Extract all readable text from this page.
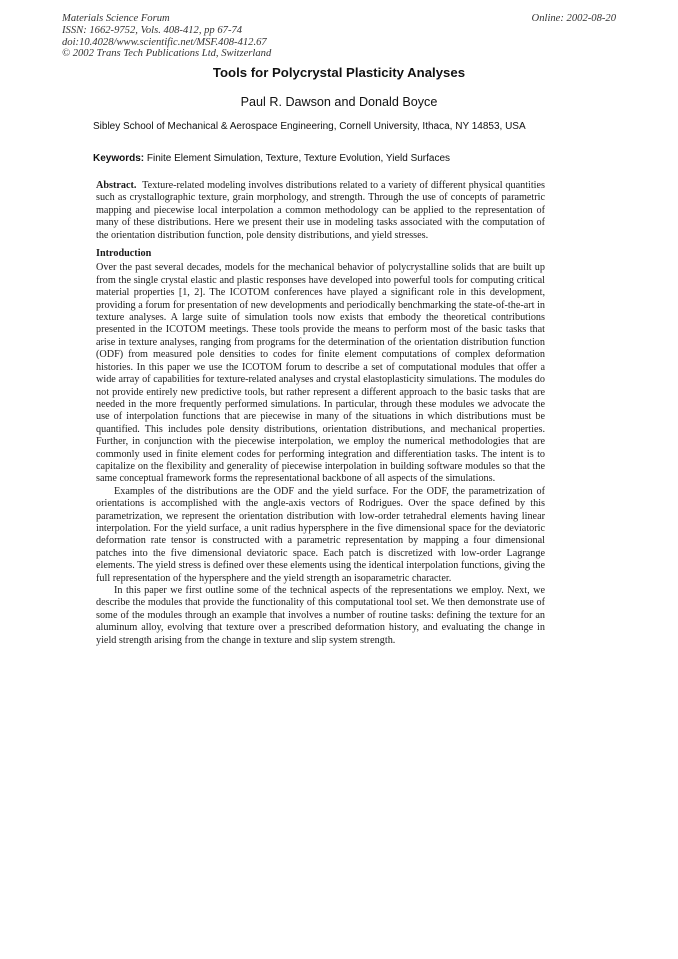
Materials Science Forum
ISSN: 1662-9752, Vols. 408-412, pp 67-74
doi:10.4028/www.scientific.net/MSF.408-412.67
© 2002 Trans Tech Publications Ltd, Switzerland
Online: 2002-08-20
Tools for Polycrystal Plasticity Analyses
Paul R. Dawson and Donald Boyce
Sibley School of Mechanical & Aerospace Engineering, Cornell University, Ithaca, NY 14853, USA
Keywords: Finite Element Simulation, Texture, Texture Evolution, Yield Surfaces

Abstract. Texture-related modeling involves distributions related to a variety of different physical quantities such as crystallographic texture, grain morphology, and strength. Through the use of concepts of parametric mapping and piecewise local interpolation a common methodology can be applied to the representation of many of these distributions. Here we present their use in modeling tasks associated with the computation of the orientation distribution function, pole density distributions, and yield stresses.

Introduction

Over the past several decades, models for the mechanical behavior of polycrystalline solids that are built up from the single crystal elastic and plastic responses have developed into powerful tools for computing critical material properties [1, 2]. The ICOTOM conferences have played a significant role in this development, providing a forum for presentation of new developments and periodically benchmarking the state-of-the-art in texture analyses. A large suite of simulation tools now exists that embody the theoretical contributions presented in the ICOTOM meetings. These tools provide the means to perform most of the basic tasks that arise in texture analyses, ranging from programs for the determination of the orientation distribution function (ODF) from measured pole densities to codes for finite element computations of complex deformation histories. In this paper we use the ICOTOM forum to describe a set of computational modules that offer a wide array of capabilities for texture-related analyses and crystal elastoplasticity simulations. The modules do not provide entirely new predictive tools, but rather represent a different approach to the basic tasks that are needed in the more frequently performed simulations. In particular, through these modules we advocate the use of interpolation functions that are piecewise in many of the situations in which distributions must be quantified. This includes pole density distributions, orientation distributions, and mechanical properties. Further, in conjunction with the piecewise interpolation, we employ the numerical methodologies that are commonly used in finite element codes for performing integration and differentiation tasks. The intent is to capitalize on the flexibility and generality of piecewise interpolation in building software modules so that the same conceptual framework forms the representational backbone of all aspects of the simulations.

Examples of the distributions are the ODF and the yield surface. For the ODF, the parametrization of orientations is accomplished with the angle-axis vectors of Rodrigues. Over the space defined by this parametrization, we represent the orientation distribution with low-order tetrahedral elements having linear interpolation. For the yield surface, a unit radius hypersphere in the five dimensional space for the deviatoric deformation rate tensor is constructed with a parametric representation by mapping a four dimensional patches into the five dimensional deviatoric space. Each patch is discretized with low-order Lagrange elements. The yield stress is defined over these elements using the identical interpolation functions, giving the full representation of the hypersphere and the yield strength an isoparametric character.

In this paper we first outline some of the technical aspects of the representations we employ. Next, we describe the modules that provide the functionality of this computational tool set. We then demonstrate use of some of the modules through an example that involves a number of routine tasks: defining the texture for an aluminum alloy, evolving that texture over a prescribed deformation history, and evaluating the change in yield strength arising from the change in texture and slip system strength.
